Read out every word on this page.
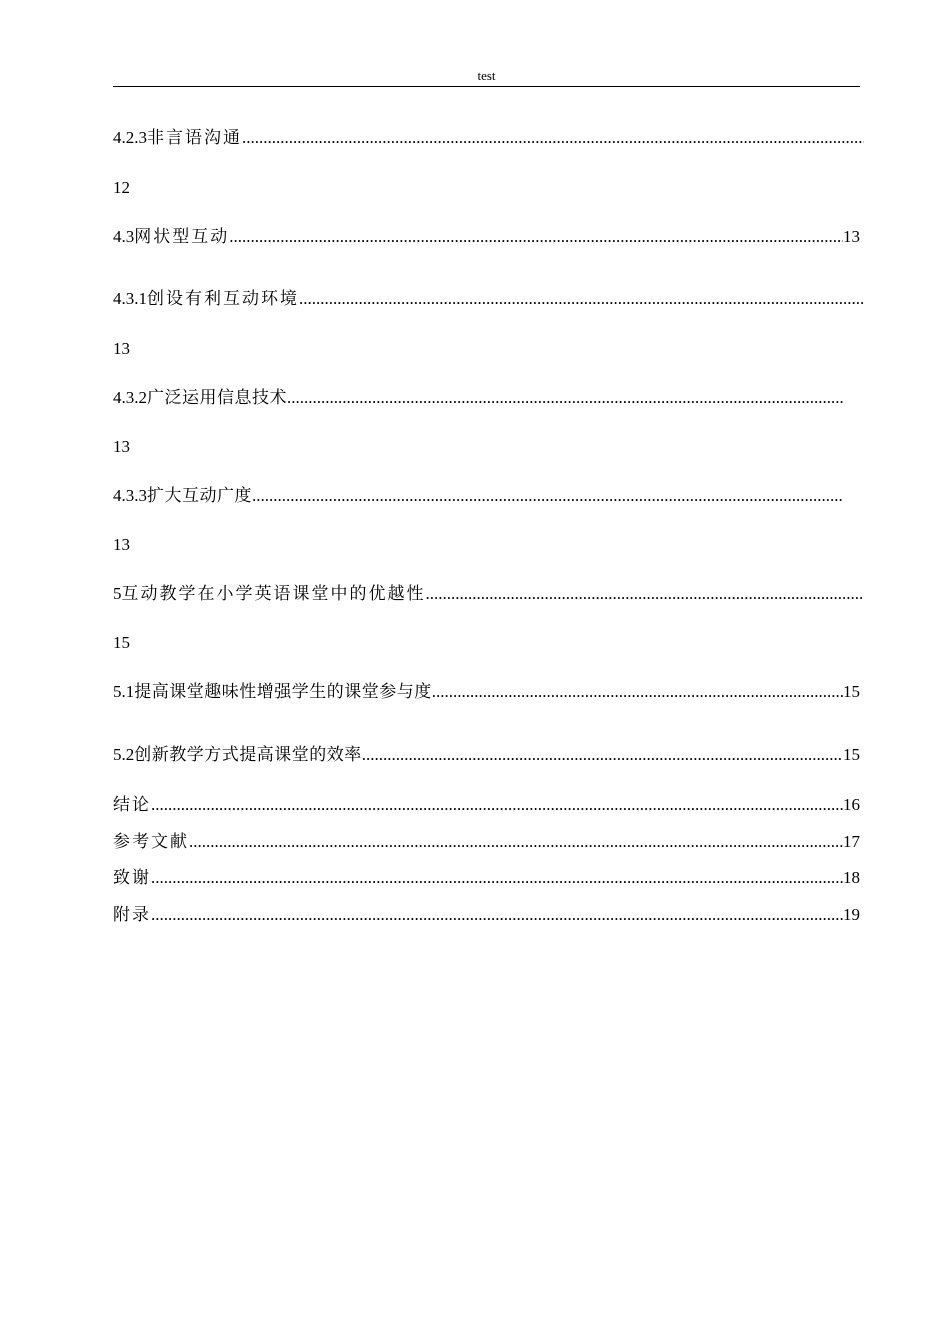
test
4.2.3 非言语沟通
.....
12
4.3 网状型互动 .....	13
4.3.1 创设有利互动环境
.....
13
4.3.2 广泛运用信息技术
.....
13
4.3.3 扩大互动广度
.....
13
5 互动教学在小学英语课堂中的优越性
.....
15
5.1 提高课堂趣味性增强学生的课堂参与度 .....	15
5.2 创新教学方式提高课堂的效率 .....	15
结论 .....	16
参考文献 .....	17
致谢 .....	18
附录 .....	19
